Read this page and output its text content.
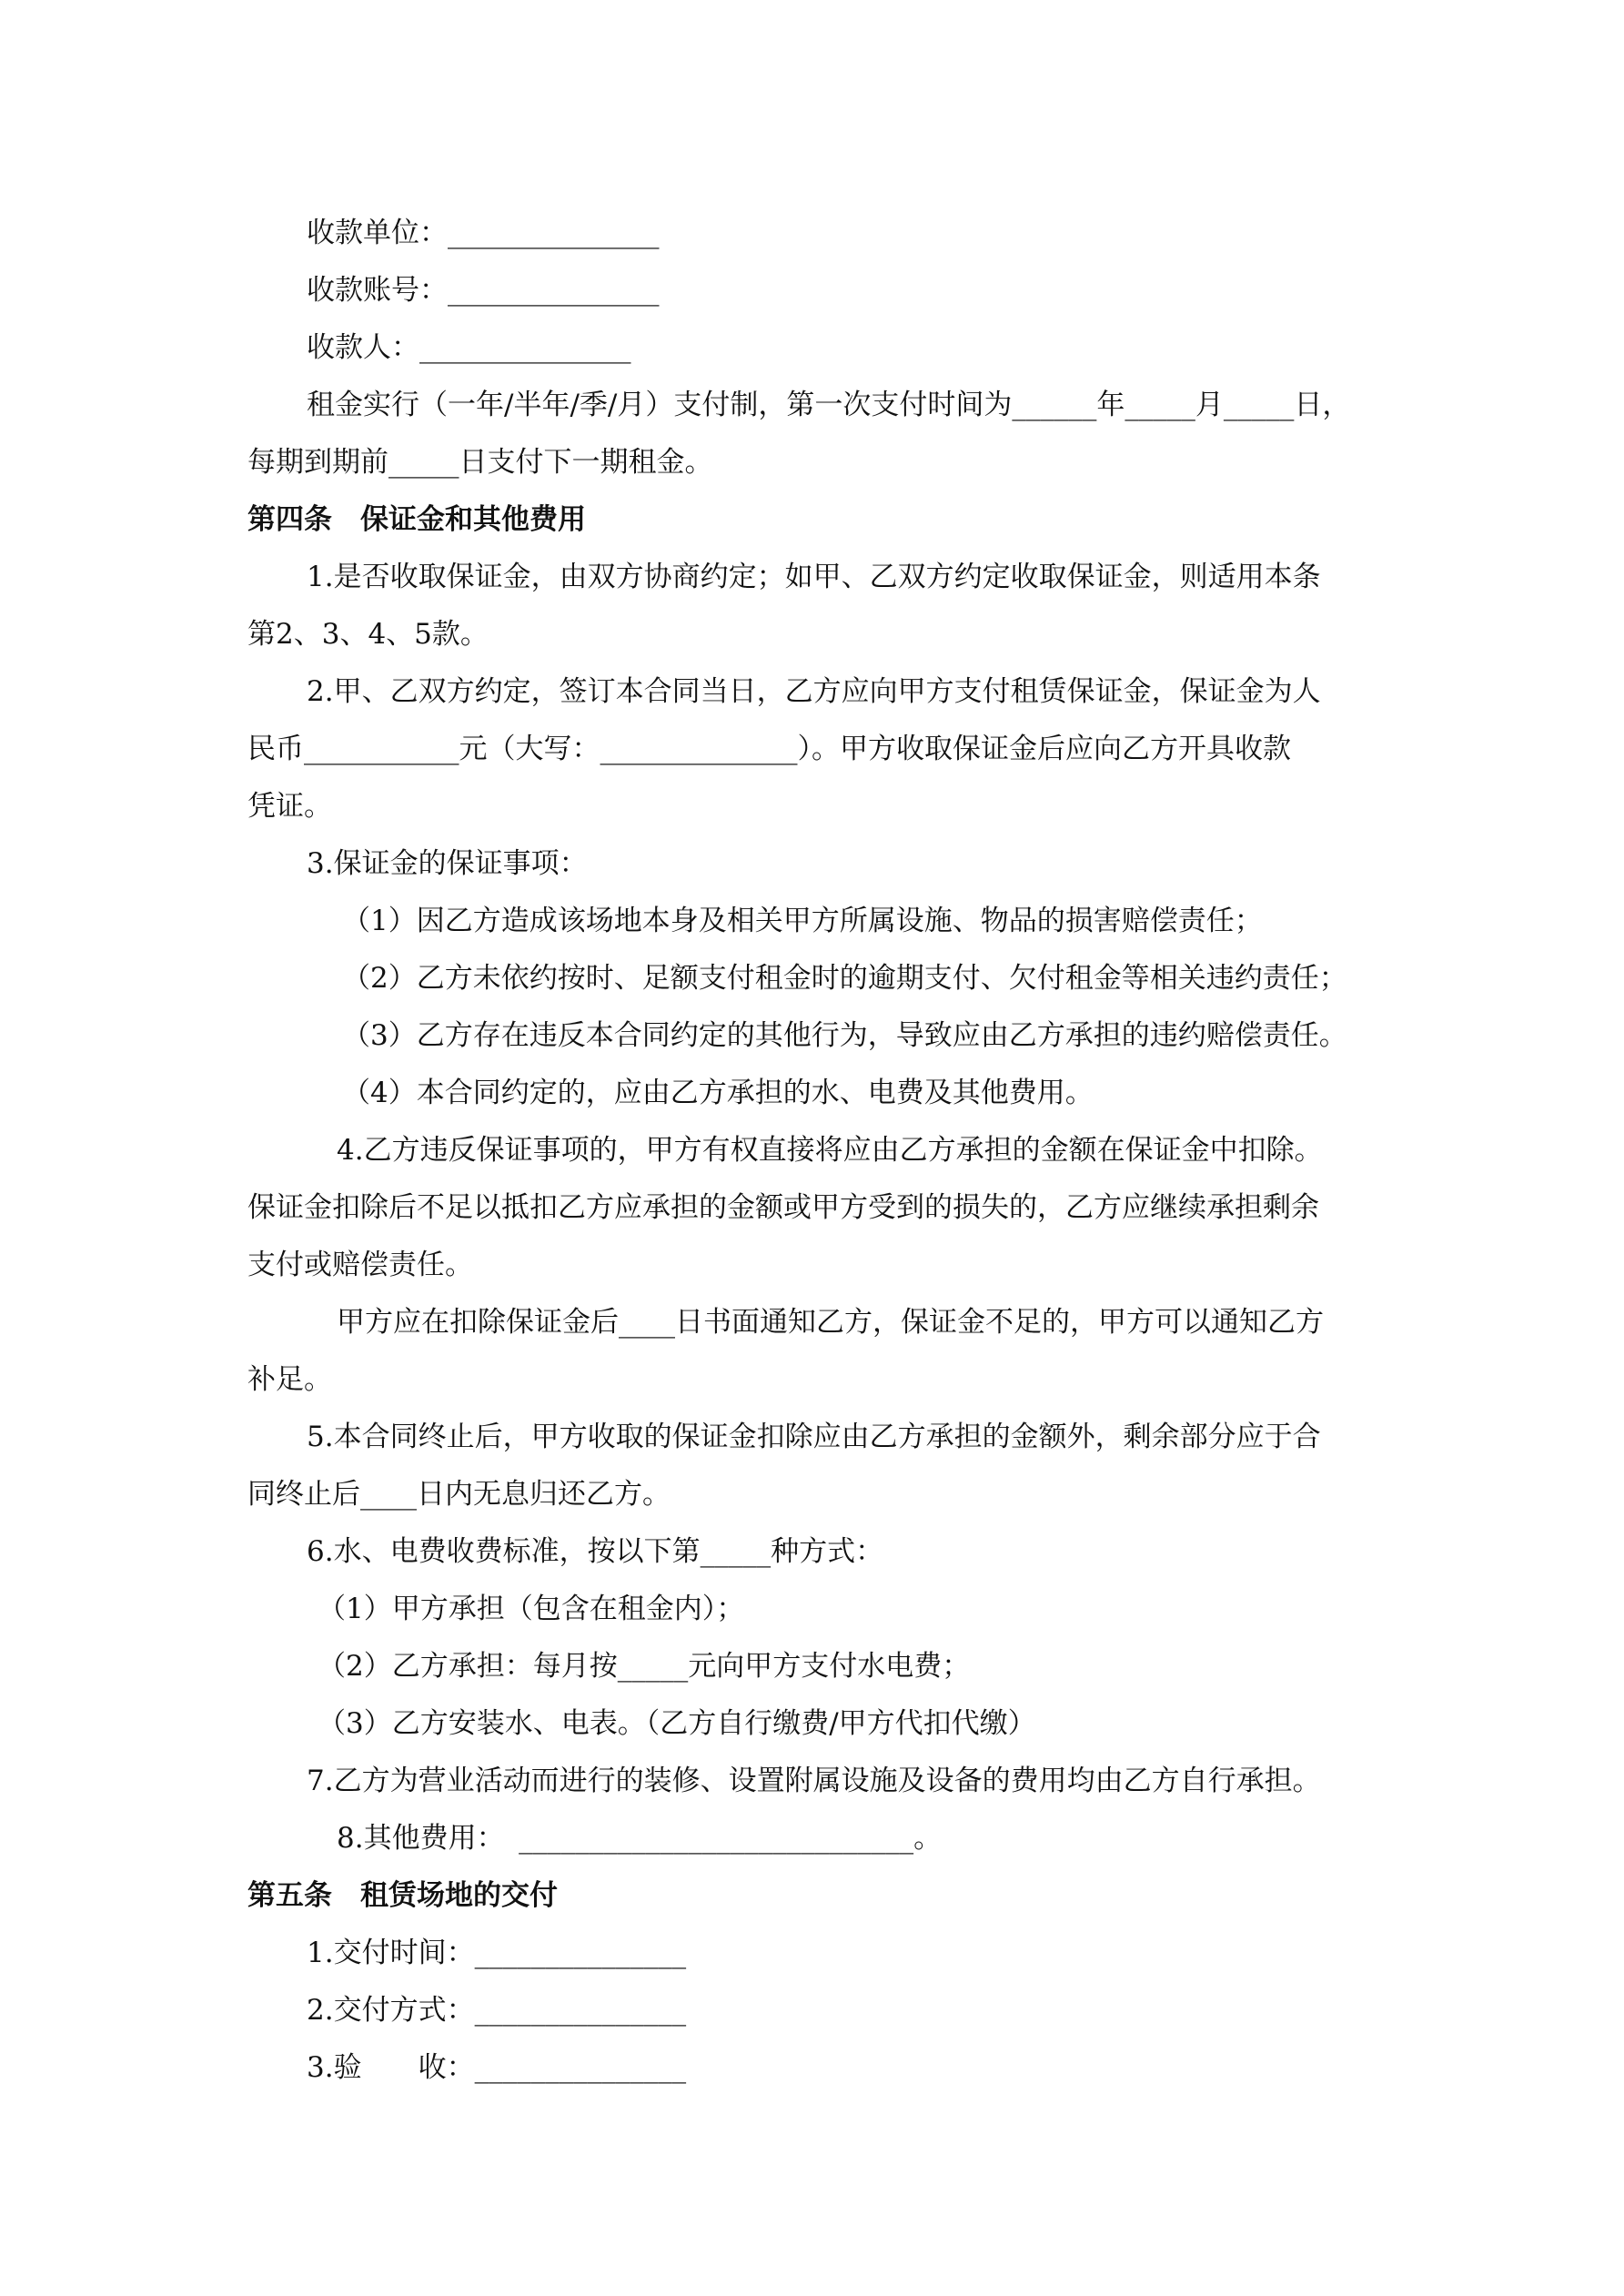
收款单位：_______________
收款账号：_______________
收款人：_______________
租金实行（一年/半年/季/月）支付制，第一次支付时间为______年_____月_____日，
每期到期前_____日支付下一期租金。
第四条　保证金和其他费用
1.是否收取保证金，由双方协商约定；如甲、乙双方约定收取保证金，则适用本条
第2、3、4、5款。
2.甲、乙双方约定，签订本合同当日，乙方应向甲方支付租赁保证金，保证金为人
民币___________元（大写：______________）。甲方收取保证金后应向乙方开具收款
凭证。
3.保证金的保证事项：
（1）因乙方造成该场地本身及相关甲方所属设施、物品的损害赔偿责任；
（2）乙方未依约按时、足额支付租金时的逾期支付、欠付租金等相关违约责任；
（3）乙方存在违反本合同约定的其他行为，导致应由乙方承担的违约赔偿责任。
（4）本合同约定的，应由乙方承担的水、电费及其他费用。
4.乙方违反保证事项的，甲方有权直接将应由乙方承担的金额在保证金中扣除。
保证金扣除后不足以抵扣乙方应承担的金额或甲方受到的损失的，乙方应继续承担剩余
支付或赔偿责任。
甲方应在扣除保证金后____日书面通知乙方，保证金不足的，甲方可以通知乙方
补足。
5.本合同终止后，甲方收取的保证金扣除应由乙方承担的金额外，剩余部分应于合
同终止后____日内无息归还乙方。
6.水、电费收费标准，按以下第_____种方式：
（1）甲方承担（包含在租金内）；
（2）乙方承担：每月按_____元向甲方支付水电费；
（3）乙方安装水、电表。（乙方自行缴费/甲方代扣代缴）
7.乙方为营业活动而进行的装修、设置附属设施及设备的费用均由乙方自行承担。
8.其他费用：　____________________________。
第五条　租赁场地的交付
1.交付时间：_______________
2.交付方式：_______________
3.验　　收：_______________
